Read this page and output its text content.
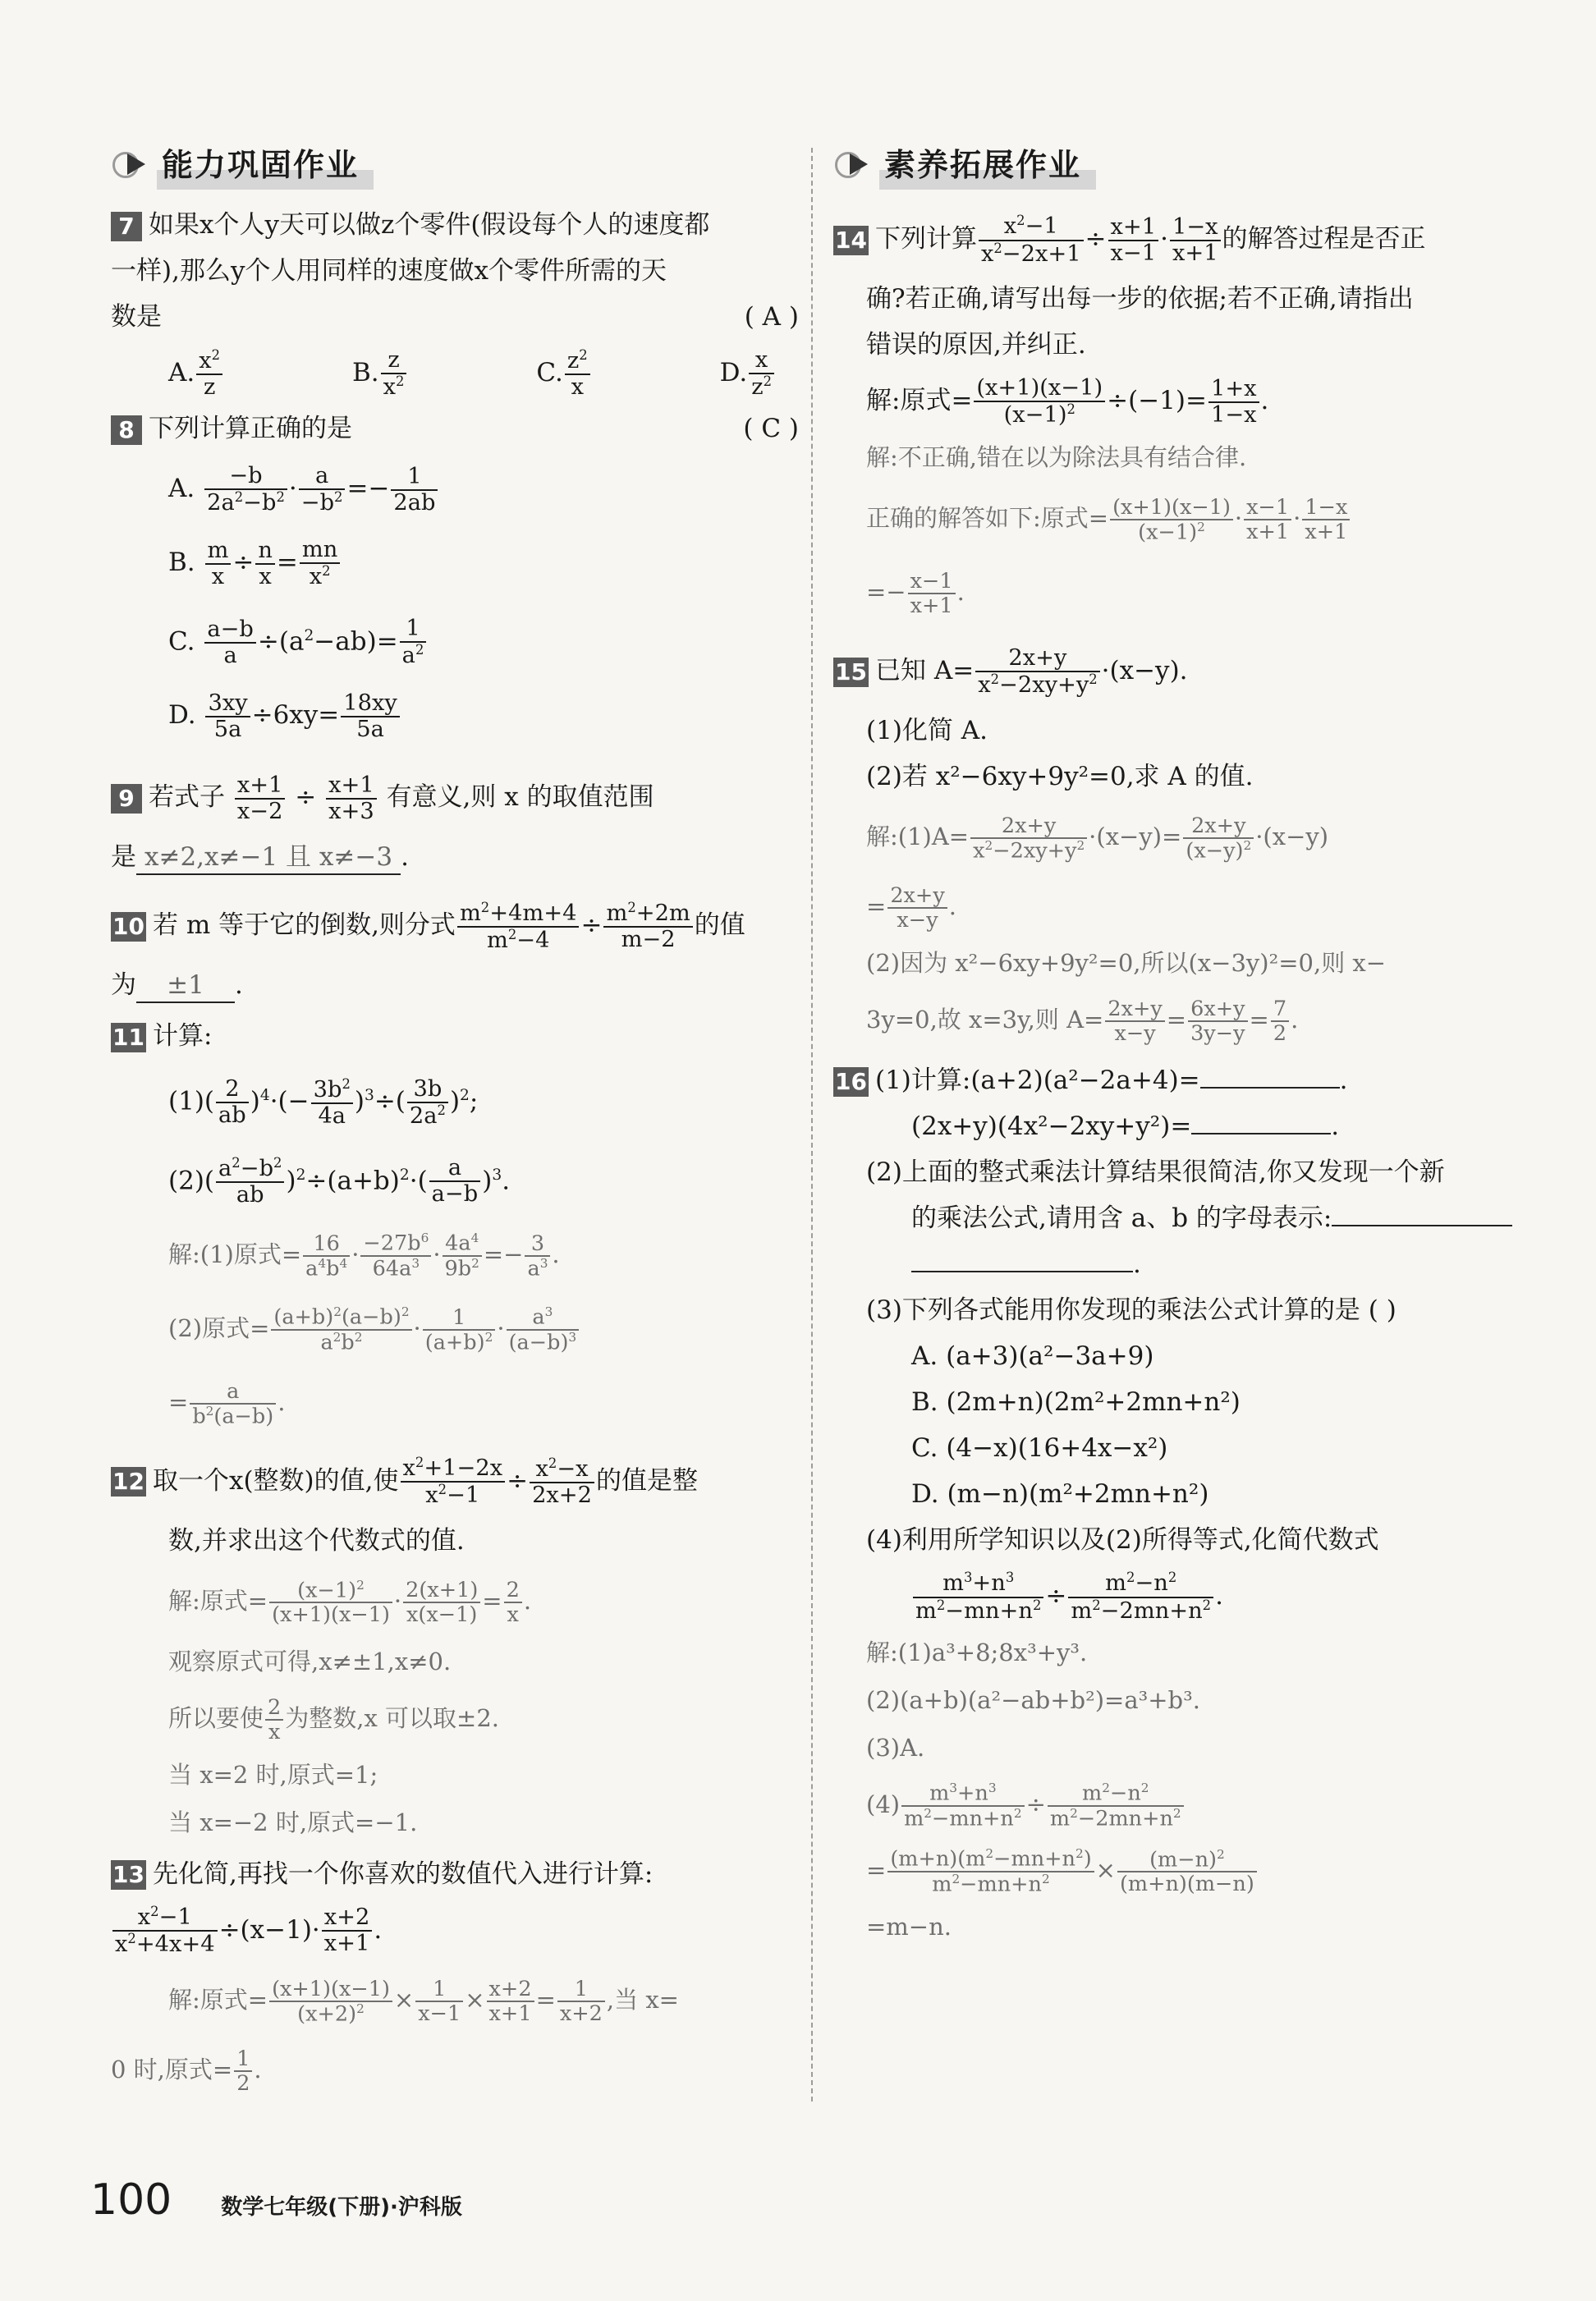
能力巩固作业
7 如果x个人y天可以做z个零件(假设每个人的速度都
一样),那么y个人用同样的速度做x个零件所需的天
数是	( A )
A. $\frac{x^2}{z}$	B. $\frac{z}{x^2}$	C. $\frac{z^2}{x}$	D. $\frac{x}{z^2}$
8 下列计算正确的是	( C )
A. $\frac{-b}{2a^2-b^2} \cdot \frac{a}{-b^2} =- \frac{1}{2ab}$
B. $\frac{m}{x} \div \frac{n}{x} = \frac{mn}{x^2}$
C. $\frac{a-b}{a} \div(a^2-ab)= \frac{1}{a^2}$
D. $\frac{3xy}{5a} \div 6xy= \frac{18xy}{5a}$
9 若式子 $\frac{x+1}{x-2} \div \frac{x+1}{x+3}$ 有意义,则 x 的取值范围
是 x≠2,x≠−1 且 x≠−3 .
10 若 m 等于它的倒数,则分式 $\frac{m^2+4m+4}{m^2-4} \div \frac{m^2+2m}{m-2}$ 的值
为 ±1 .
11 计算:
$(1)( \frac{2}{ab} )^4\cdot(- \frac{3b^2}{4a} )^3\div( \frac{3b}{2a^2} )^2$;
$(2)( \frac{a^2-b^2}{ab} )^2\div(a+b)^2\cdot( \frac{a}{a-b} )^3$.
解:(1)原式= $\frac{16}{a^4b^4} \cdot \frac{-27b^6}{64a^3} \cdot \frac{4a^4}{9b^2} =- \frac{3}{a^3}$ .
(2)原式= $\frac{(a+b)^2(a-b)^2}{a^2b^2} \cdot \frac{1}{(a+b)^2} \cdot \frac{a^3}{(a-b)^3}$
= $\frac{a}{b^2(a-b)}$ .
12 取一个x(整数)的值,使 $\frac{x^2+1-2x}{x^2-1} \div \frac{x^2-x}{2x+2}$ 的值是整
数,并求出这个代数式的值.
解:原式= $\frac{(x-1)^2}{(x+1)(x-1)} \cdot \frac{2(x+1)}{x(x-1)} = \frac{2}{x}$ .
观察原式可得,x≠±1,x≠0.
所以要使 $\frac{2}{x}$ 为整数,x 可以取±2.
当 x=2 时,原式=1;
当 x=−2 时,原式=−1.
13 先化简,再找一个你喜欢的数值代入进行计算:
$\frac{x^2-1}{x^2+4x+4} \div(x-1)\cdot \frac{x+2}{x+1}$ .
解:原式= $\frac{(x+1)(x-1)}{(x+2)^2} \times \frac{1}{x-1} \times \frac{x+2}{x+1} = \frac{1}{x+2}$ ,当 x=
0 时,原式= $\frac{1}{2}$ .
素养拓展作业
14 下列计算 $\frac{x^2-1}{x^2-2x+1} \div \frac{x+1}{x-1} \cdot \frac{1-x}{x+1}$ 的解答过程是否正
确?若正确,请写出每一步的依据;若不正确,请指出
错误的原因,并纠正.
解:原式= $\frac{(x+1)(x-1)}{(x-1)^2} \div(-1)= \frac{1+x}{1-x}$ .
解:不正确,错在以为除法具有结合律.
正确的解答如下:原式= $\frac{(x+1)(x-1)}{(x-1)^2} \cdot \frac{x-1}{x+1} \cdot \frac{1-x}{x+1}$
=− $\frac{x-1}{x+1}$ .
15 已知 $A= \frac{2x+y}{x^2-2xy+y^2} \cdot(x-y)$.
(1)化简 A.
(2)若 x²−6xy+9y²=0,求 A 的值.
解:(1)A= $\frac{2x+y}{x^2-2xy+y^2} \cdot(x-y)= \frac{2x+y}{(x-y)^2} \cdot(x-y)$
= $\frac{2x+y}{x-y}$ .
(2)因为 x²−6xy+9y²=0,所以(x−3y)²=0,则 x−
3y=0,故 x=3y,则 $A= \frac{2x+y}{x-y} = \frac{6x+y}{3y-y} = \frac{7}{2}$ .
16 (1)计算:(a+2)(a²−2a+4)=	.
(2x+y)(4x²−2xy+y²)=	.
(2)上面的整式乘法计算结果很简洁,你又发现一个新
的乘法公式,请用含 a、b 的字母表示:
.
(3)下列各式能用你发现的乘法公式计算的是 ( )
A. (a+3)(a²−3a+9)
B. (2m+n)(2m²+2mn+n²)
C. (4−x)(16+4x−x²)
D. (m−n)(m²+2mn+n²)
(4)利用所学知识以及(2)所得等式,化简代数式
$\frac{m^3+n^3}{m^2-mn+n^2} \div \frac{m^2-n^2}{m^2-2mn+n^2}$ .
解:(1)a³+8;8x³+y³.
(2)(a+b)(a²−ab+b²)=a³+b³.
(3)A.
$(4) \frac{m^3+n^3}{m^2-mn+n^2} \div \frac{m^2-n^2}{m^2-2mn+n^2}$
= $\frac{(m+n)(m^2-mn+n^2)}{m^2-mn+n^2} \times \frac{(m-n)^2}{(m+n)(m-n)}$
=m−n.
100 数学七年级(下册)·沪科版
